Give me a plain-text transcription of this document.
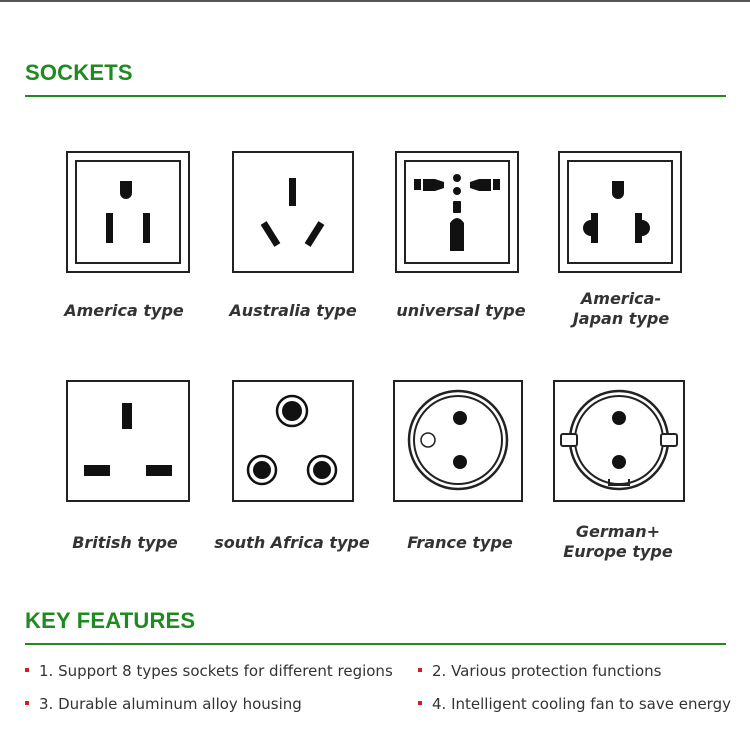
SOCKETS
America type	Australia type	universal type
America-
Japan type
British type	south Africa type	France type
German+
Europe type
KEY FEATURES
1. Support 8 types sockets for different regions	2. Various protection functions
3. Durable aluminum alloy housing	4. Intelligent cooling fan to save energy
